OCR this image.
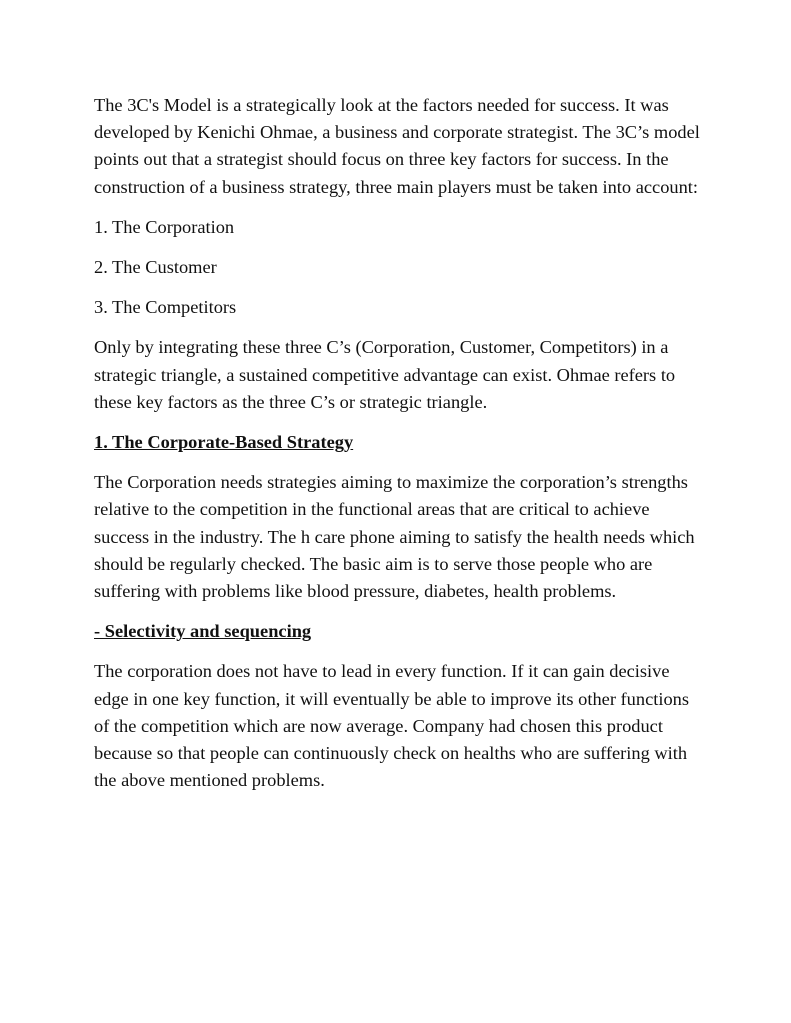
The 3C's Model is a strategically look at the factors needed for success. It was developed by Kenichi Ohmae, a business and corporate strategist. The 3C’s model points out that a strategist should focus on three key factors for success. In the construction of a business strategy, three main players must be taken into account:

1. The Corporation
2. The Customer
3. The Competitors

Only by integrating these three C’s (Corporation, Customer, Competitors) in a strategic triangle, a sustained competitive advantage can exist. Ohmae refers to these key factors as the three C’s or strategic triangle.

1. The Corporate-Based Strategy

The Corporation needs strategies aiming to maximize the corporation’s strengths relative to the competition in the functional areas that are critical to achieve success in the industry. The h care phone aiming to satisfy the health needs which should be regularly checked. The basic aim is to serve those people who are suffering with problems like blood pressure, diabetes, health problems.

- Selectivity and sequencing

The corporation does not have to lead in every function. If it can gain decisive edge in one key function, it will eventually be able to improve its other functions of the competition which are now average. Company had chosen this product because so that people can continuously check on healths who are suffering with the above mentioned problems.
